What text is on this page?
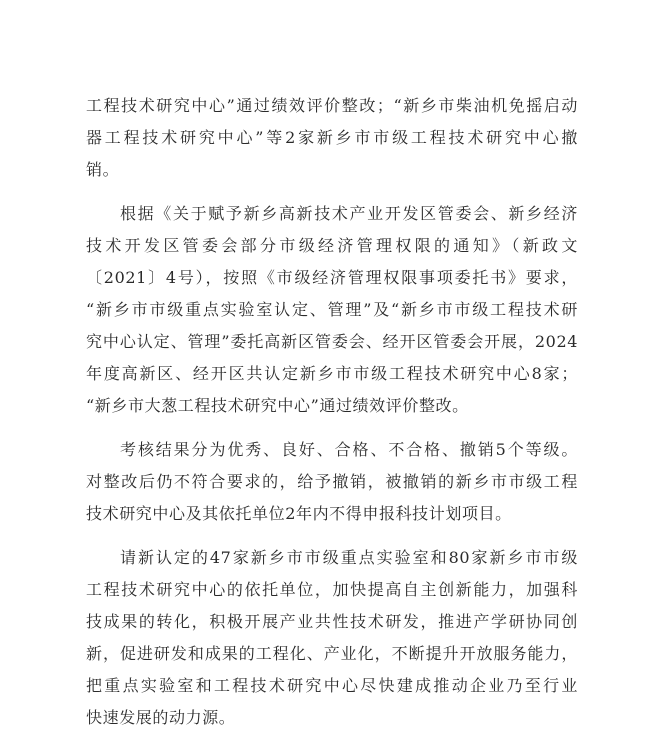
工程技术研究中心”通过绩效评价整改；“新乡市柴油机免摇启动
器工程技术研究中心”等2家新乡市市级工程技术研究中心撤
销。
根据《关于赋予新乡高新技术产业开发区管委会、新乡经济
技术开发区管委会部分市级经济管理权限的通知》（新政文
〔2021〕4号），按照《市级经济管理权限事项委托书》要求，
“新乡市市级重点实验室认定、管理”及“新乡市市级工程技术研
究中心认定、管理”委托高新区管委会、经开区管委会开展，2024
年度高新区、经开区共认定新乡市市级工程技术研究中心8家；
“新乡市大葱工程技术研究中心”通过绩效评价整改。
考核结果分为优秀、良好、合格、不合格、撤销5个等级。
对整改后仍不符合要求的，给予撤销，被撤销的新乡市市级工程
技术研究中心及其依托单位2年内不得申报科技计划项目。
请新认定的47家新乡市市级重点实验室和80家新乡市市级
工程技术研究中心的依托单位，加快提高自主创新能力，加强科
技成果的转化，积极开展产业共性技术研发，推进产学研协同创
新，促进研发和成果的工程化、产业化，不断提升开放服务能力，
把重点实验室和工程技术研究中心尽快建成推动企业乃至行业
快速发展的动力源。
